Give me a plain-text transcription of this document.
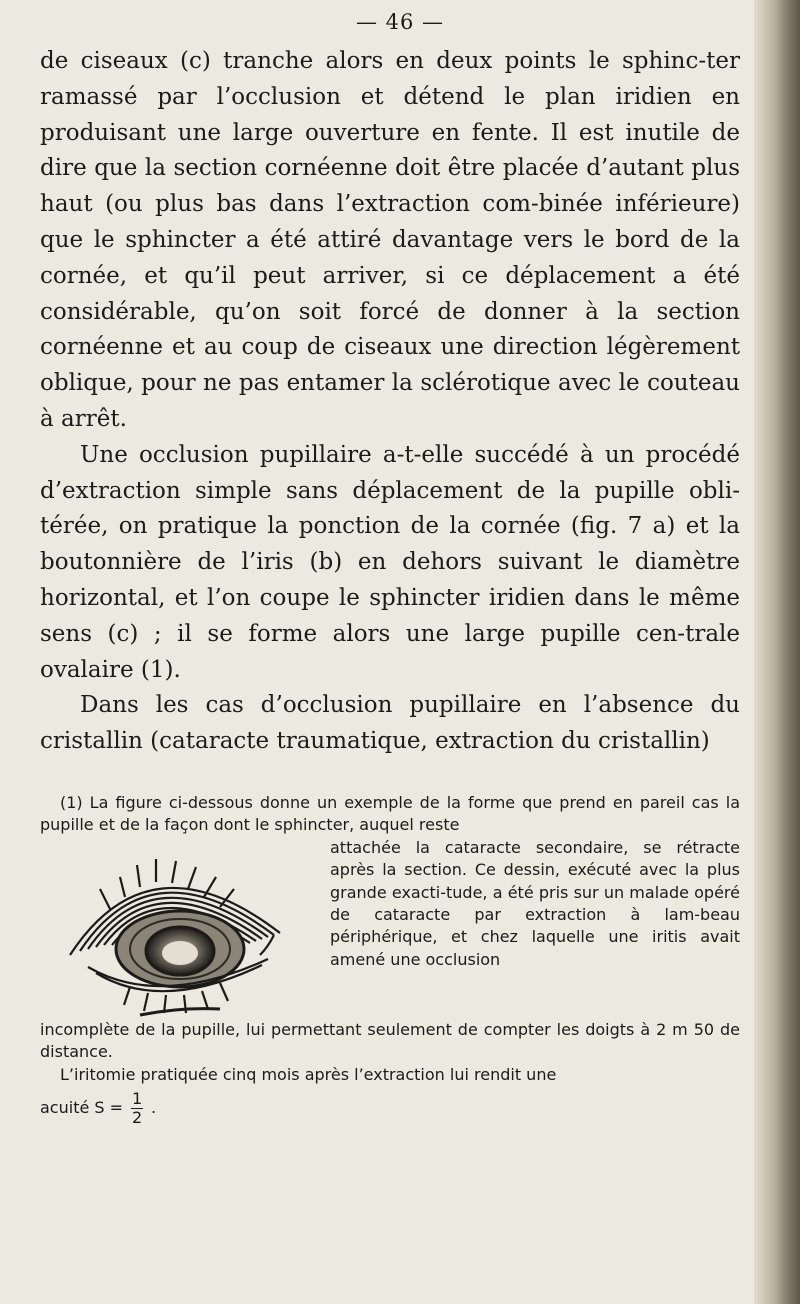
— 46 —

de ciseaux (c) tranche alors en deux points le sphinc-ter ramassé par l’occlusion et détend le plan iridien en produisant une large ouverture en fente. Il est inutile de dire que la section cornéenne doit être placée d’autant plus haut (ou plus bas dans l’extraction com-binée inférieure) que le sphincter a été attiré davantage vers le bord de la cornée, et qu’il peut arriver, si ce déplacement a été considérable, qu’on soit forcé de donner à la section cornéenne et au coup de ciseaux une direction légèrement oblique, pour ne pas entamer la sclérotique avec le couteau à arrêt.

Une occlusion pupillaire a-t-elle succédé à un procédé d’extraction simple sans déplacement de la pupille obli-térée, on pratique la ponction de la cornée (fig. 7 a) et la boutonnière de l’iris (b) en dehors suivant le diamètre horizontal, et l’on coupe le sphincter iridien dans le même sens (c) ; il se forme alors une large pupille cen-trale ovalaire (1).

Dans les cas d’occlusion pupillaire en l’absence du cristallin (cataracte traumatique, extraction du cristallin)

(1) La figure ci-dessous donne un exemple de la forme que prend en pareil cas la pupille et de la façon dont le sphincter, auquel reste

attachée la cataracte secondaire, se rétracte après la section. Ce dessin, exécuté avec la plus grande exacti-tude, a été pris sur un malade opéré de cataracte par extraction à lam-beau périphérique, et chez laquelle une iritis avait amené une occlusion

incomplète de la pupille, lui permettant seulement de compter les doigts à 2 m 50 de distance.

L’iritomie pratiquée cinq mois après l’extraction lui rendit une

acuité $S = \frac{1}{2}$ .
